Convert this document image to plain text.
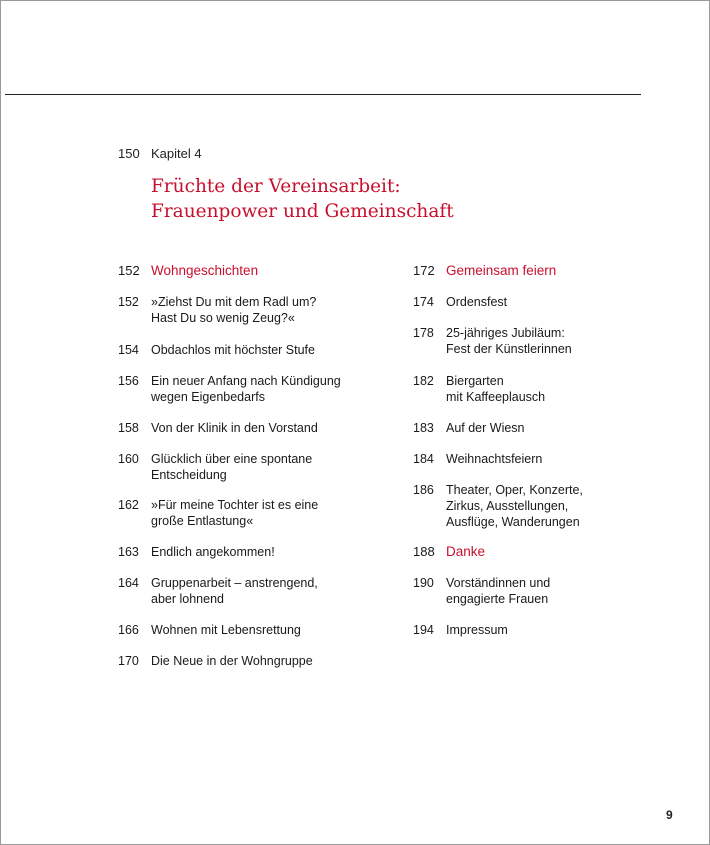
150 Kapitel 4
Früchte der Vereinsarbeit:
Frauenpower und Gemeinschaft
152 Wohngeschichten
152 »Ziehst Du mit dem Radl um?
Hast Du so wenig Zeug?«
154 Obdachlos mit höchster Stufe
156 Ein neuer Anfang nach Kündigung
wegen Eigenbedarfs
158 Von der Klinik in den Vorstand
160 Glücklich über eine spontane
Entscheidung
162 »Für meine Tochter ist es eine
große Entlastung«
163 Endlich angekommen!
164 Gruppenarbeit – anstrengend,
aber lohnend
166 Wohnen mit Lebensrettung
170 Die Neue in der Wohngruppe
172 Gemeinsam feiern
174 Ordensfest
178 25-jähriges Jubiläum:
Fest der Künstlerinnen
182 Biergarten
mit Kaffeeplausch
183 Auf der Wiesn
184 Weihnachtsfeiern
186 Theater, Oper, Konzerte,
Zirkus, Ausstellungen,
Ausflüge, Wanderungen
188 Danke
190 Vorständinnen und
engagierte Frauen
194 Impressum
9
